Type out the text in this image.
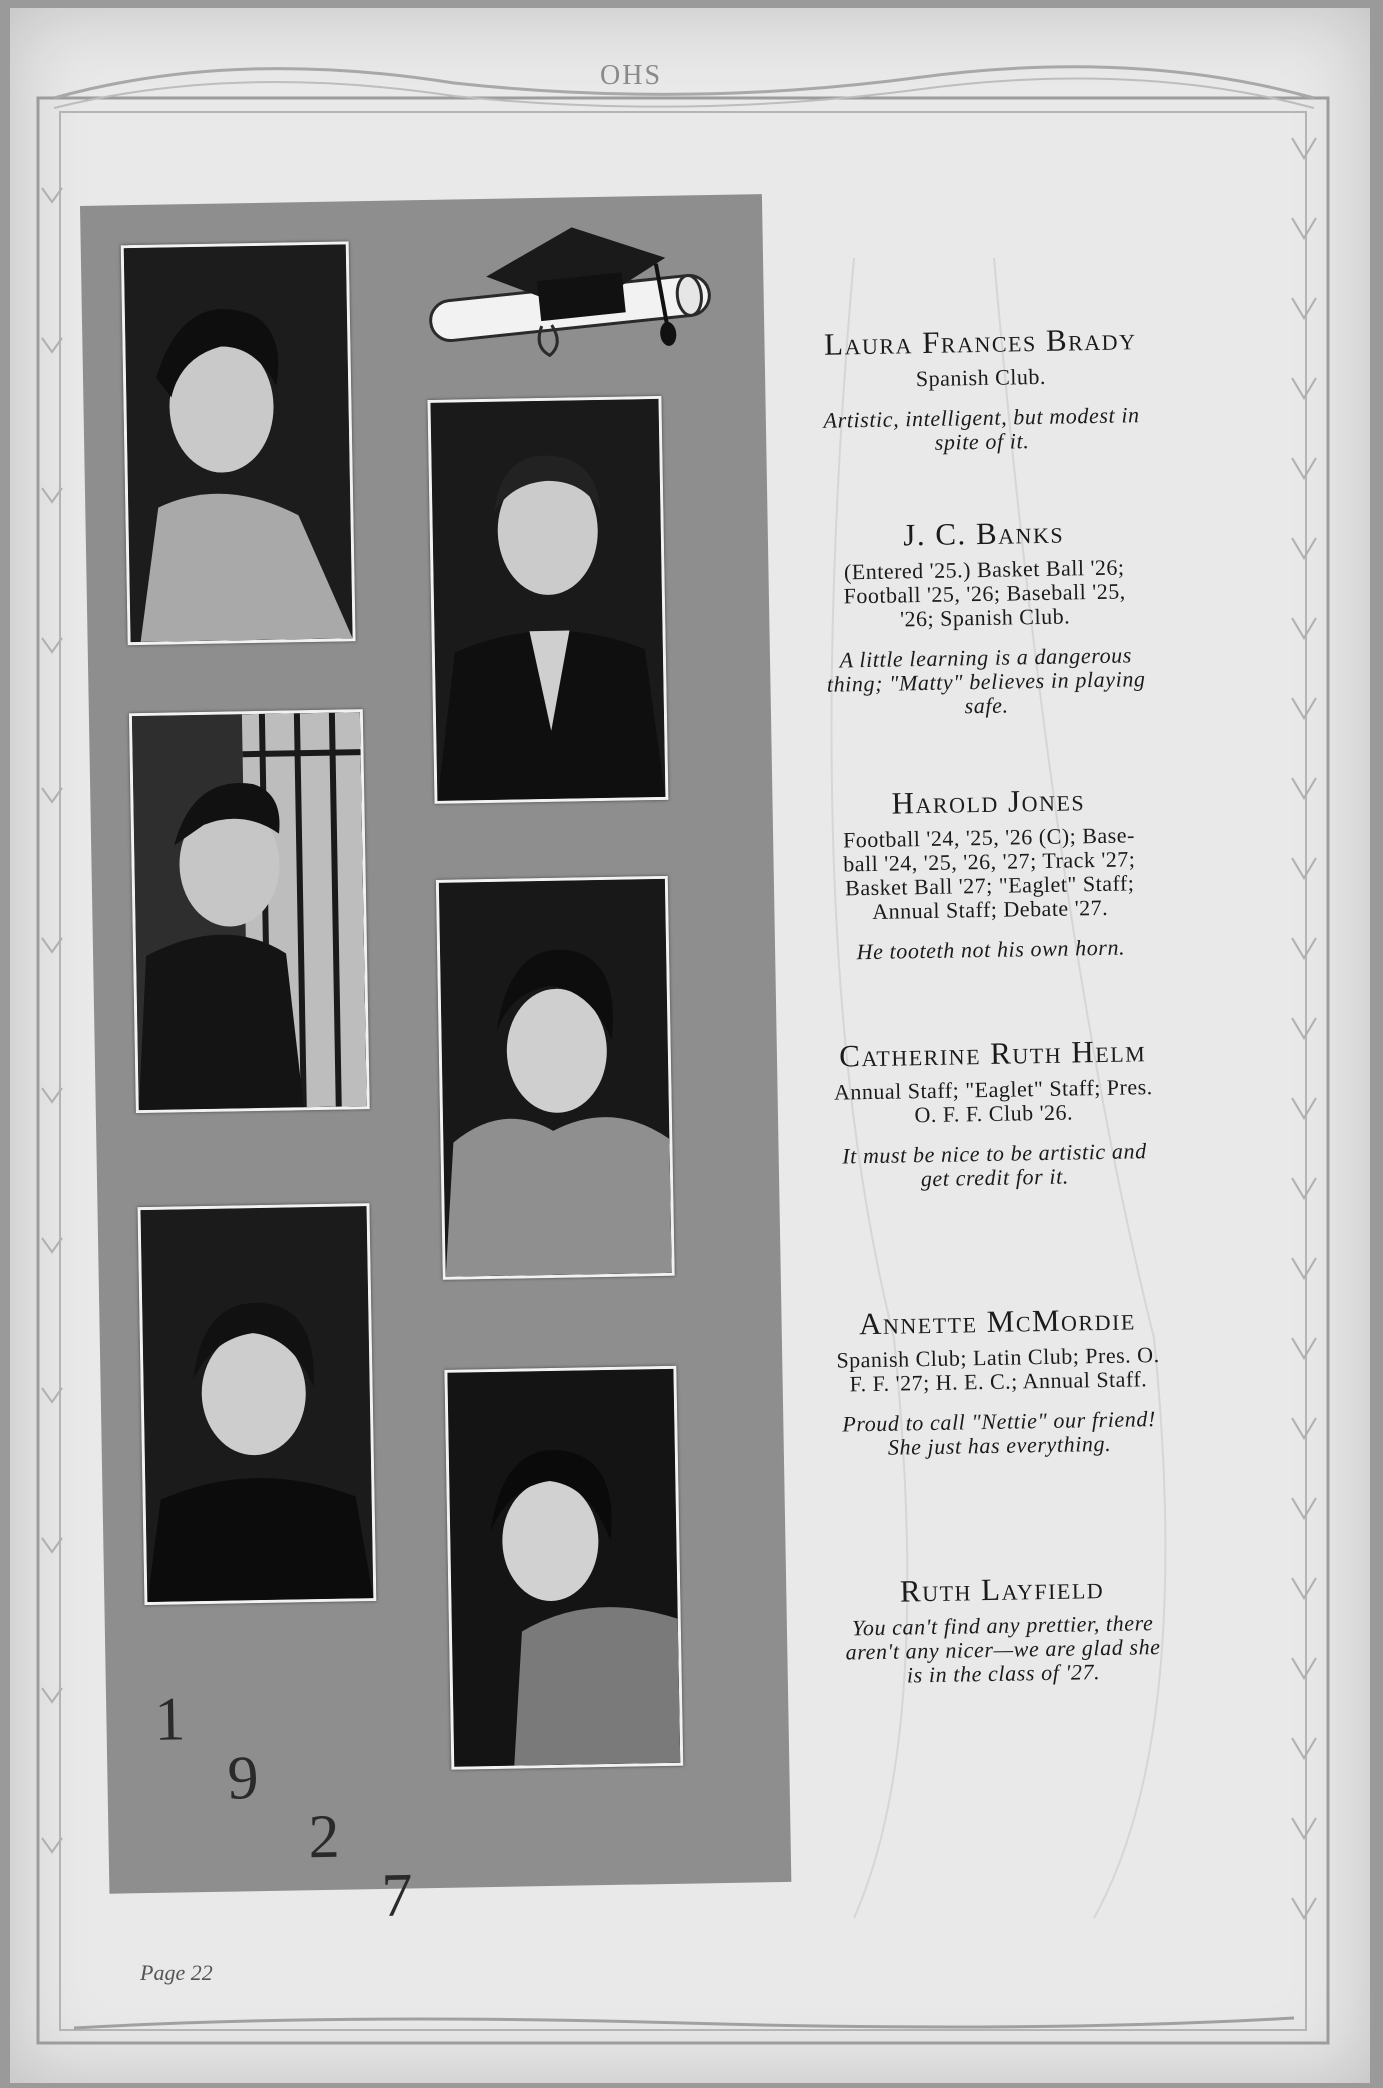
OHS
1
9
2
7
Laura Frances Brady
Spanish Club.
Artistic, intelligent, but modest in
spite of it.
J. C. Banks
(Entered '25.) Basket Ball '26;
Football '25, '26; Baseball '25,
'26; Spanish Club.
A little learning is a dangerous
thing; "Matty" believes in playing
safe.
Harold Jones
Football '24, '25, '26 (C); Base-
ball '24, '25, '26, '27; Track '27;
Basket Ball '27; "Eaglet" Staff;
Annual Staff; Debate '27.
He tooteth not his own horn.
Catherine Ruth Helm
Annual Staff; "Eaglet" Staff; Pres.
O. F. F. Club '26.
It must be nice to be artistic and
get credit for it.
Annette McMordie
Spanish Club; Latin Club; Pres. O.
F. F. '27; H. E. C.; Annual Staff.
Proud to call "Nettie" our friend!
She just has everything.
Ruth Layfield
You can't find any prettier, there
aren't any nicer—we are glad she
is in the class of '27.
Page 22
